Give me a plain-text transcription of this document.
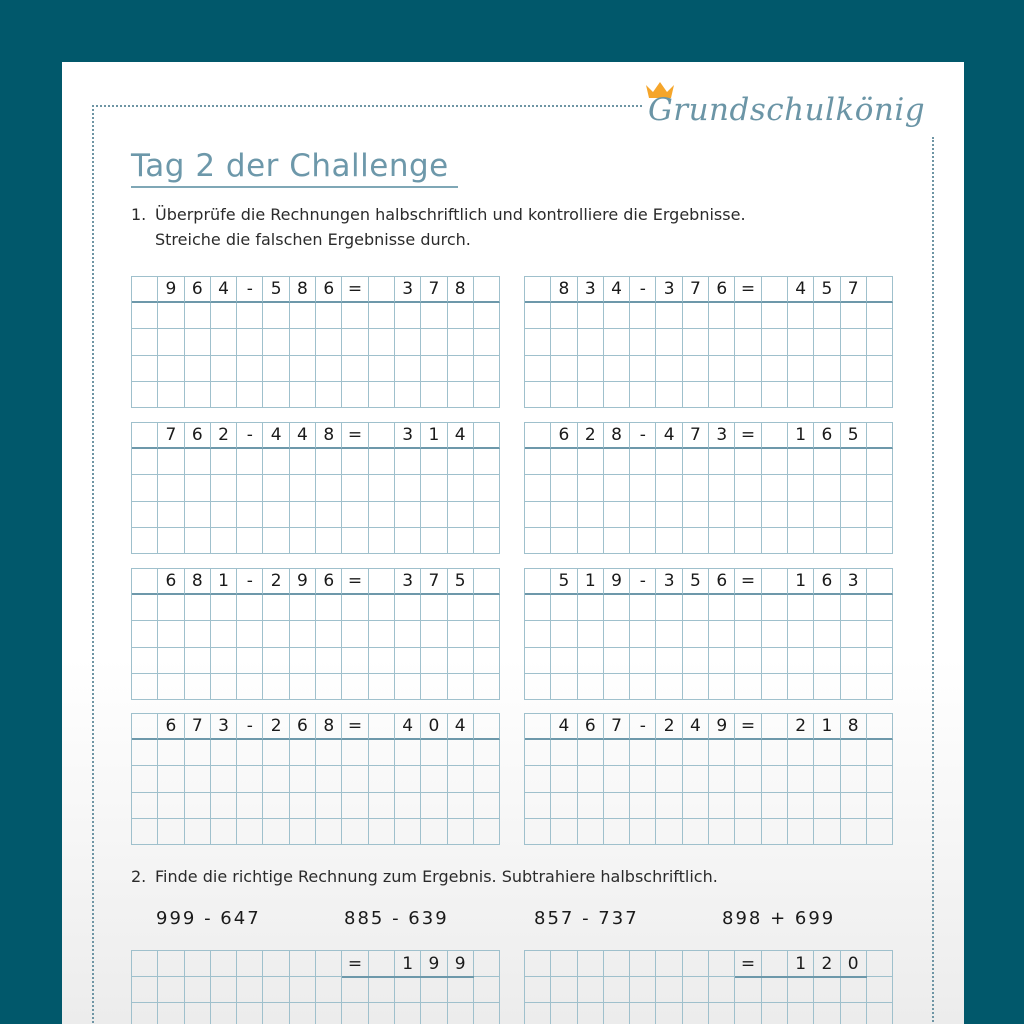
Grundschulkönig
Tag 2 der Challenge
1. Überprüfe die Rechnungen halbschriftlich und kontrolliere die Ergebnisse.
Streiche die falschen Ergebnisse durch.
9 6 4	-	5 8 6 =	3 7 8	8 3 4	-	3 7 6 =	4 5 7
7 6 2	-	4 4 8 =	3 1 4	6 2 8	-	4 7 3 =	1 6 5
6 8 1	-	2 9 6 =	3 7 5	5 1 9	-	3 5 6 =	1 6 3
6 7 3	-	2 6 8 =	4 0 4	4 6 7	-	2 4 9 =	2 1 8
2. Finde die richtige Rechnung zum Ergebnis. Subtrahiere halbschriftlich.
999 - 647	885 - 639	857 - 737	898 + 699
=	1 9 9	=	1 2 0
